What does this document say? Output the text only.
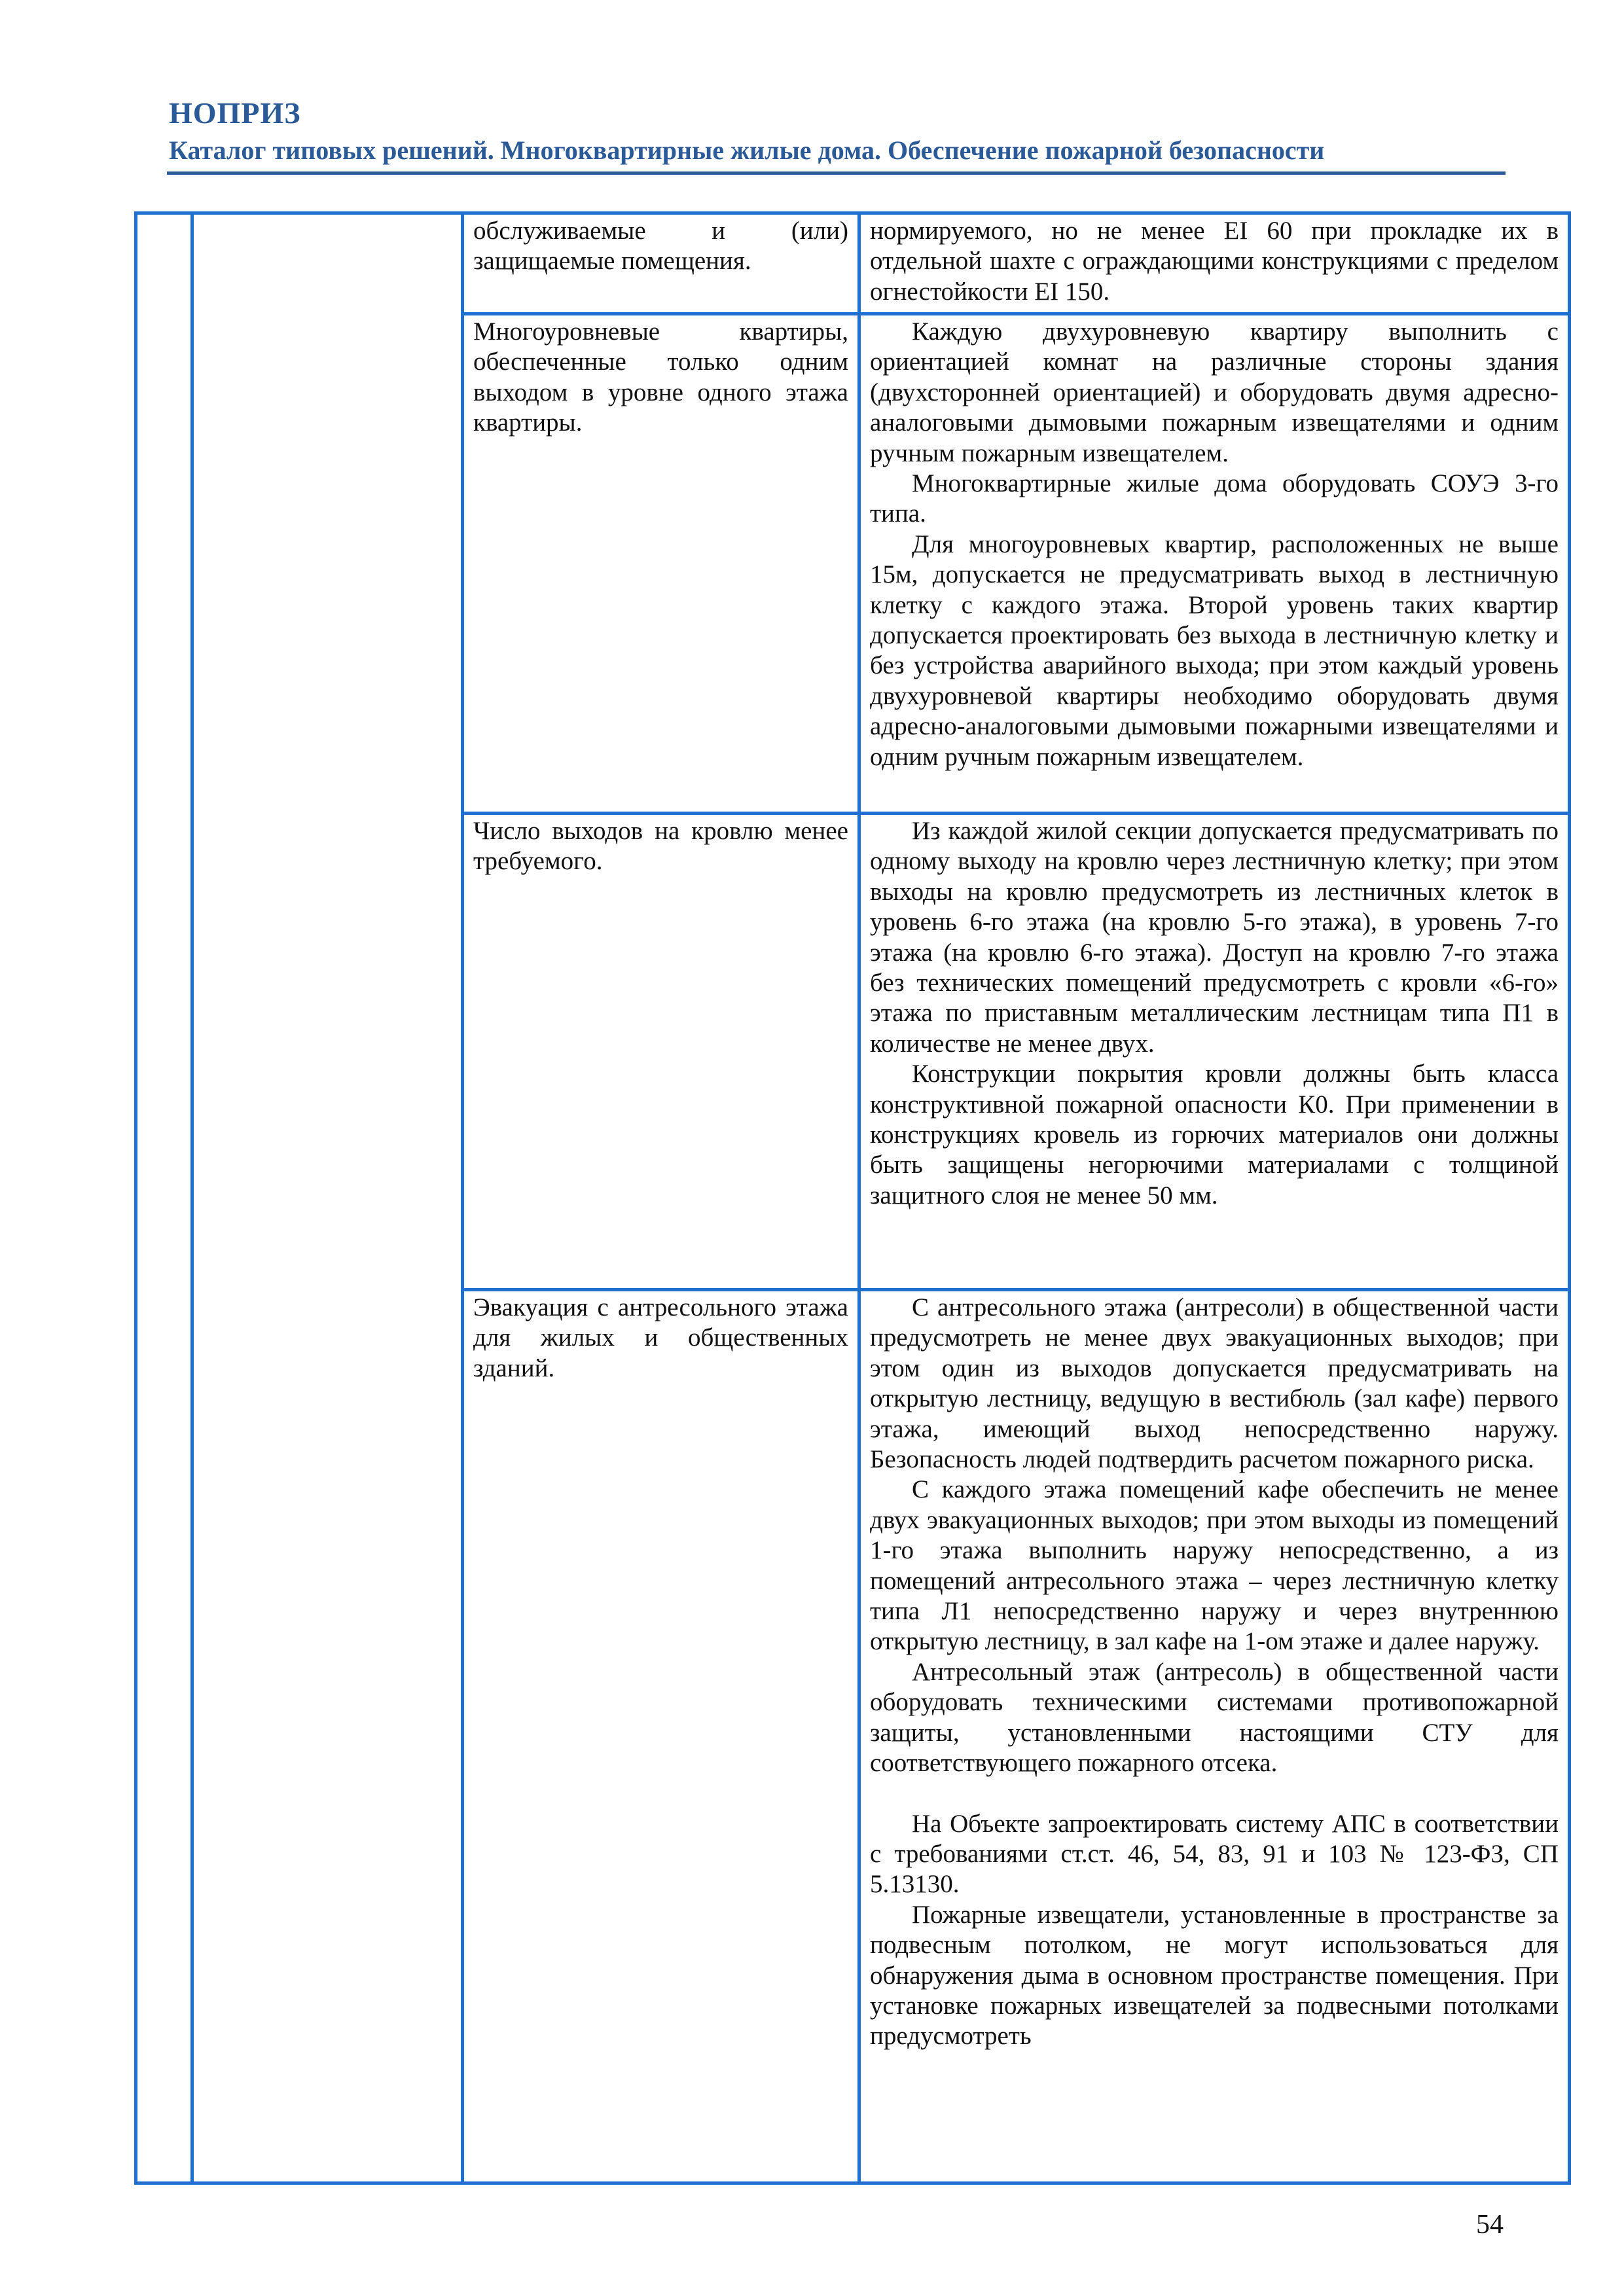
НОПРИЗ
Каталог типовых решений. Многоквартирные жилые дома. Обеспечение пожарной безопасности

		обслуживаемые и (или) защищаемые помещения.	нормируемого, но не менее EI 60 при прокладке их в отдельной шахте с ограждающими конструкциями с пределом огнестойкости EI 150.

		Многоуровневые квартиры, обеспеченные только одним выходом в уровне одного этажа квартиры.	Каждую двухуровневую квартиру выполнить с ориентацией комнат на различные стороны здания (двухсторонней ориентацией) и оборудовать двумя адресно-аналоговыми дымовыми пожарным извещателями и одним ручным пожарным извещателем.

Многоквартирные жилые дома оборудовать СОУЭ 3-го типа.

Для многоуровневых квартир, расположенных не выше 15м, допускается не предусматривать выход в лестничную клетку с каждого этажа. Второй уровень таких квартир допускается проектировать без выхода в лестничную клетку и без устройства аварийного выхода; при этом каждый уровень двухуровневой квартиры необходимо оборудовать двумя адресно-аналоговыми дымовыми пожарными извещателями и одним ручным пожарным извещателем.

		Число выходов на кровлю менее требуемого.	Из каждой жилой секции допускается предусматривать по одному выходу на кровлю через лестничную клетку; при этом выходы на кровлю предусмотреть из лестничных клеток в уровень 6-го этажа (на кровлю 5-го этажа), в уровень 7-го этажа (на кровлю 6-го этажа). Доступ на кровлю 7-го этажа без технических помещений предусмотреть с кровли «6-го» этажа по приставным металлическим лестницам типа П1 в количестве не менее двух.

Конструкции покрытия кровли должны быть класса конструктивной пожарной опасности К0. При применении в конструкциях кровель из горючих материалов они должны быть защищены негорючими материалами с толщиной защитного слоя не менее 50 мм.

		Эвакуация с антресольного этажа для жилых и общественных зданий.	С антресольного этажа (антресоли) в общественной части предусмотреть не менее двух эвакуационных выходов; при этом один из выходов допускается предусматривать на открытую лестницу, ведущую в вестибюль (зал кафе) первого этажа, имеющий выход непосредственно наружу. Безопасность людей подтвердить расчетом пожарного риска.

С каждого этажа помещений кафе обеспечить не менее двух эвакуационных выходов; при этом выходы из помещений 1-го этажа выполнить наружу непосредственно, а из помещений антресольного этажа – через лестничную клетку типа Л1 непосредственно наружу и через внутреннюю открытую лестницу, в зал кафе на 1-ом этаже и далее наружу.

Антресольный этаж (антресоль) в общественной части оборудовать техническими системами противопожарной защиты, установленными настоящими СТУ для соответствующего пожарного отсека.

На Объекте запроектировать систему АПС в соответствии с требованиями ст.ст. 46, 54, 83, 91 и 103 № 123-ФЗ, СП 5.13130.

Пожарные извещатели, установленные в пространстве за подвесным потолком, не могут использоваться для обнаружения дыма в основном пространстве помещения. При установке пожарных извещателей за подвесными потолками предусмотреть

54
